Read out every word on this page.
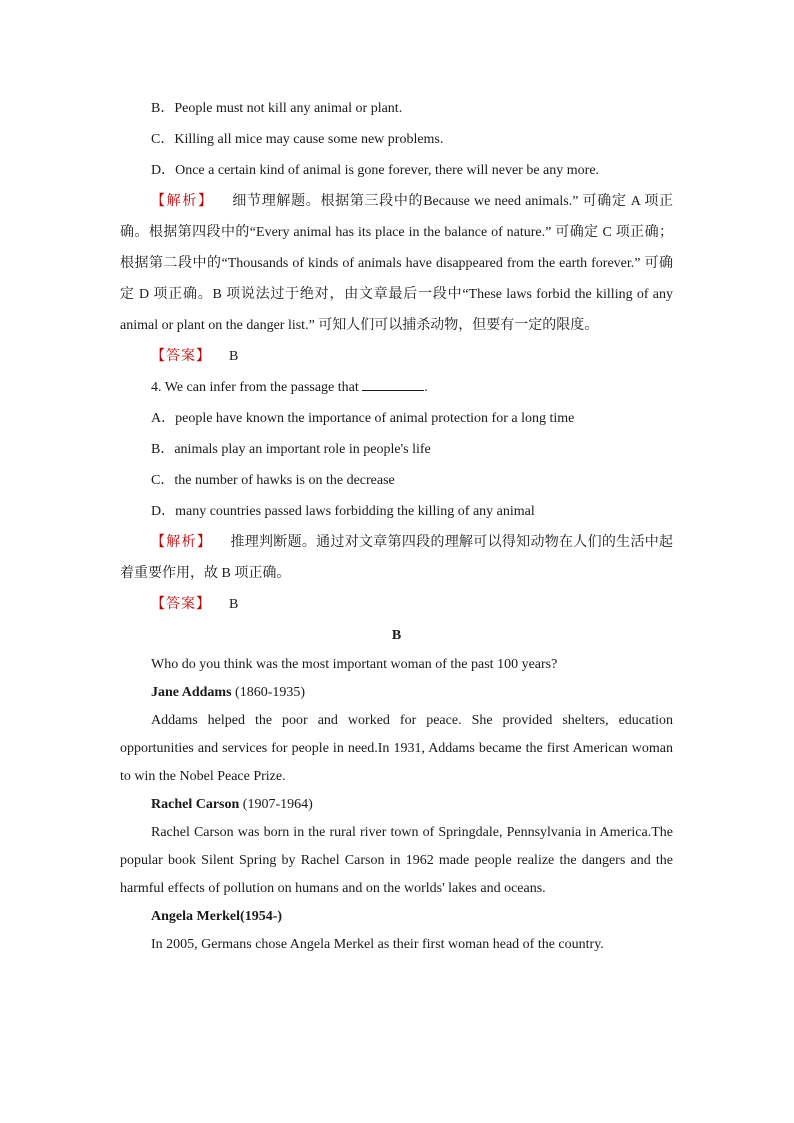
B．People must not kill any animal or plant.

C．Killing all mice may cause some new problems.

D．Once a certain kind of animal is gone forever, there will never be any more.

【解析】 细节理解题。根据第三段中的Because we need animals.” 可确定 A 项正确。根据第四段中的“Every animal has its place in the balance of nature.” 可确定 C 项正确；根据第二段中的“Thousands of kinds of animals have disappeared from the earth forever.” 可确定 D 项正确。B 项说法过于绝对，由文章最后一段中“These laws forbid the killing of any animal or plant on the danger list.” 可知人们可以捕杀动物，但要有一定的限度。

【答案】 B

4. We can infer from the passage that	.

A．people have known the importance of animal protection for a long time

B．animals play an important role in people's life

C．the number of hawks is on the decrease

D．many countries passed laws forbidding the killing of any animal

【解析】 推理判断题。通过对文章第四段的理解可以得知动物在人们的生活中起着重要作用，故 B 项正确。

【答案】 B

B

Who do you think was the most important woman of the past 100 years?

Jane Addams (1860-1935)

Addams helped the poor and worked for peace. She provided shelters, education opportunities and services for people in need.In 1931, Addams became the first American woman to win the Nobel Peace Prize.

Rachel Carson (1907-1964)

Rachel Carson was born in the rural river town of Springdale, Pennsylvania in America.The popular book Silent Spring by Rachel Carson in 1962 made people realize the dangers and the harmful effects of pollution on humans and on the worlds' lakes and oceans.

Angela Merkel(1954-)

In 2005, Germans chose Angela Merkel as their first woman head of the country.
